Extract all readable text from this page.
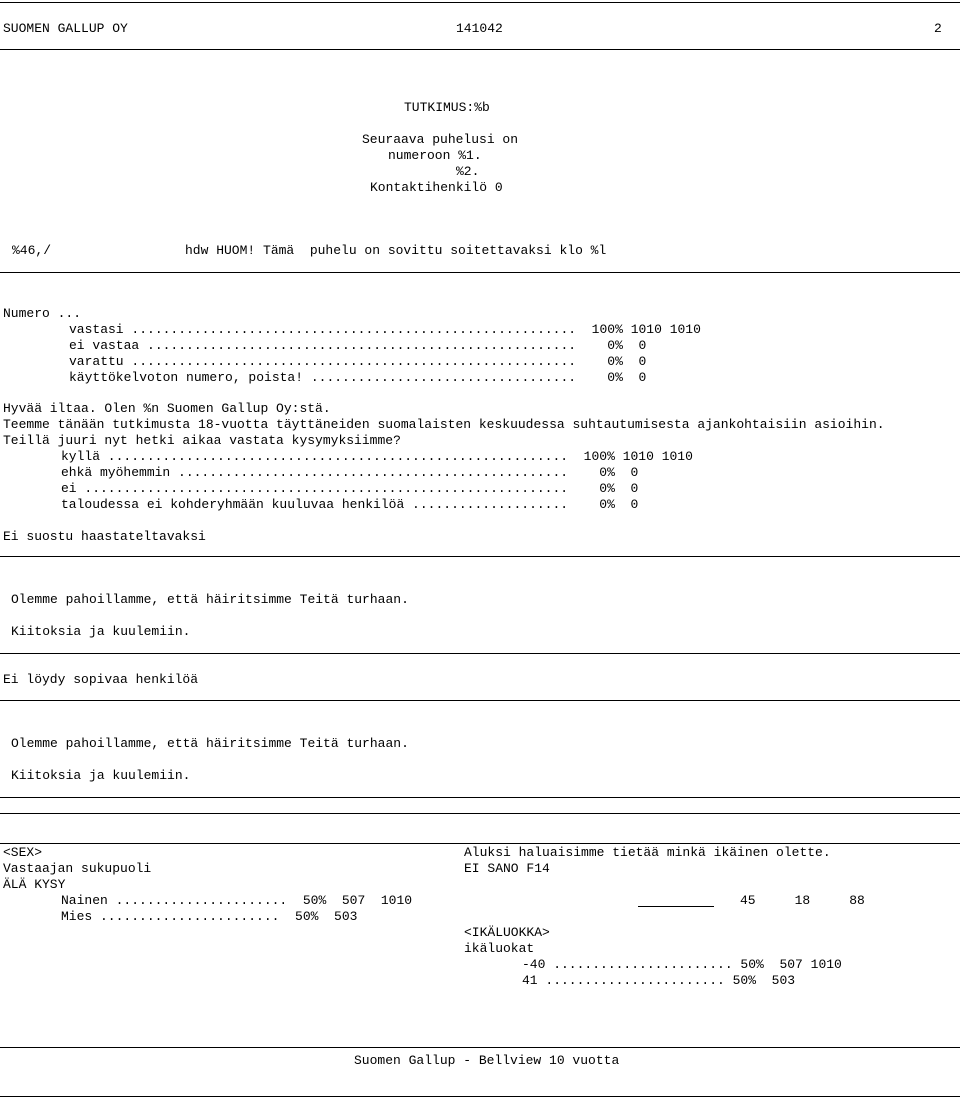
SUOMEN GALLUP OY	141042	2
TUTKIMUS:%b
Seuraava puhelusi on
numeroon %1.
%2.
Kontaktihenkilö 0
%46,/	hdw HUOM! Tämä  puhelu on sovittu soitettavaksi klo %l
Numero ...
vastasi .........................................................  100% 1010 1010
ei vastaa .......................................................    0%  0
varattu .........................................................    0%  0
käyttökelvoton numero, poista! ..................................    0%  0
Hyvää iltaa. Olen %n Suomen Gallup Oy:stä.
Teemme tänään tutkimusta 18-vuotta täyttäneiden suomalaisten keskuudessa suhtautumisesta ajankohtaisiin asioihin.
Teillä juuri nyt hetki aikaa vastata kysymyksiimme?
kyllä ...........................................................  100% 1010 1010
ehkä myöhemmin ..................................................    0%  0
ei ..............................................................    0%  0
taloudessa ei kohderyhmään kuuluvaa henkilöä ....................    0%  0
Ei suostu haastateltavaksi
Olemme pahoillamme, että häiritsimme Teitä turhaan.
Kiitoksia ja kuulemiin.
Ei löydy sopivaa henkilöä
Olemme pahoillamme, että häiritsimme Teitä turhaan.
Kiitoksia ja kuulemiin.
<SEX>
Vastaajan sukupuoli
ÄLÄ KYSY
Nainen ......................  50%  507  1010
Mies .......................  50%  503
Aluksi haluaisimme tietää minkä ikäinen olette.
EI SANO F14
45     18     88
<IKÄLUOKKA>
ikäluokat
-40 ....................... 50%  507 1010
41 ....................... 50%  503
Suomen Gallup - Bellview 10 vuotta
